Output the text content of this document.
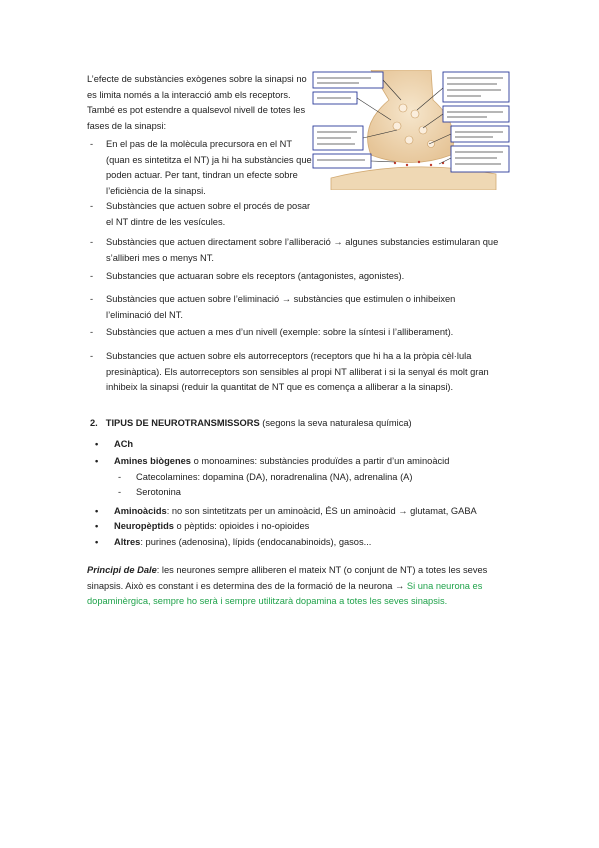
L’efecte de substàncies exògenes sobre la sinapsi no es limita només a la interacció amb els receptors. També es pot estendre a qualsevol nivell de totes les fases de la sinapsi:
- En el pas de la molècula precursora en el NT (quan es sintetitza el NT) ja hi ha substàncies que poden actuar. Per tant, tindran un efecte sobre l’eficiència de la sinapsi.
- Substàncies que actuen sobre el procés de posar el NT dintre de les vesícules.
- Substàncies que actuen directament sobre l’alliberació → algunes substancies estimularan que s’alliberi mes o menys NT.
- Substancies que actuaran sobre els receptors (antagonistes, agonistes).
- Substàncies que actuen sobre l’eliminació → substàncies que estimulen o inhibeixen l’eliminació del NT.
- Substàncies que actuen a mes d’un nivell (exemple: sobre la síntesi i l’alliberament).
- Substancies que actuen sobre els autorreceptors (receptors que hi ha a la pròpia cèl·lula presinàptica). Els autorreceptors son sensibles al propi NT alliberat i si la senyal és molt gran inhibeix la sinapsi (reduir la quantitat de NT que es comença a alliberar a la sinapsi).
2. TIPUS DE NEUROTRANSMISSORS (segons la seva naturalesa química)
• ACh
• Amines biògenes o monoamines: substàncies produïdes a partir d’un aminoàcid
- Catecolamines: dopamina (DA), noradrenalina (NA), adrenalina (A)
- Serotonina
• Aminoàcids: no son sintetitzats per un aminoàcid, ÉS un aminoàcid → glutamat, GABA
• Neuropèptids o pèptids: opioides i no-opioides
• Altres: purines (adenosina), lípids (endocanabinoids), gasos...
Principi de Dale: les neurones sempre alliberen el mateix NT (o conjunt de NT) a totes les seves sinapsis. Això es constant i es determina des de la formació de la neurona → Si una neurona es dopaminèrgica, sempre ho serà i sempre utilitzarà dopamina a totes les seves sinapsis.
